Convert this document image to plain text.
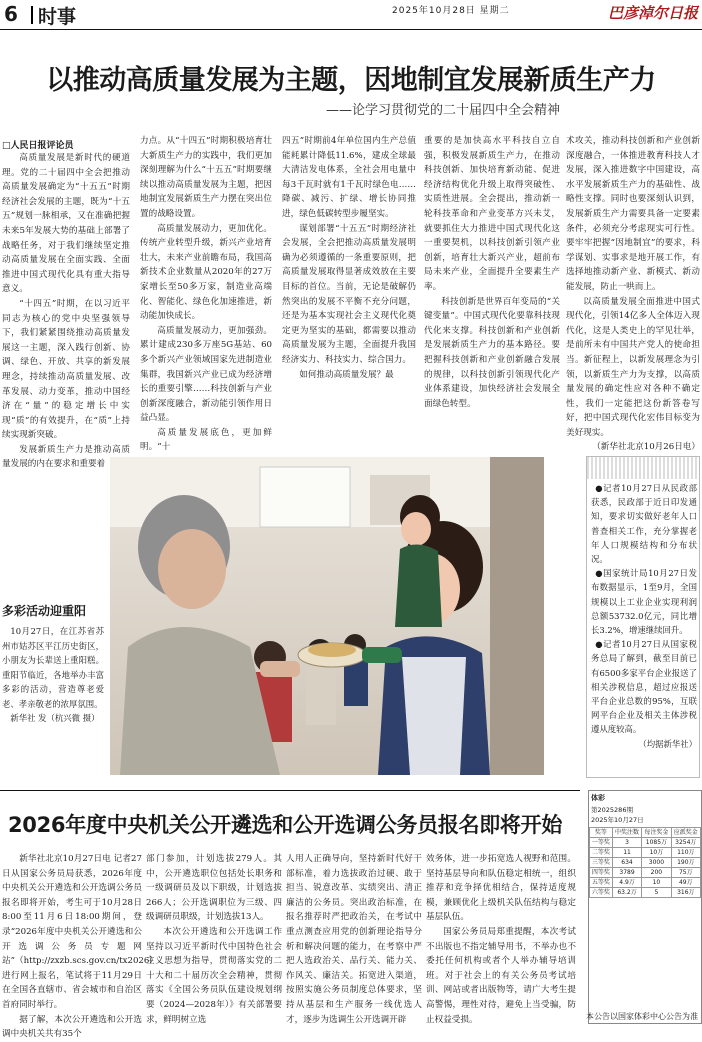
6 时事	2025年10月28日 星期二	巴彦淖尔日报
以推动高质量发展为主题，因地制宜发展新质生产力
——论学习贯彻党的二十届四中全会精神
□人民日报评论员

高质量发展是新时代的硬道理。党的二十届四中全会把推动高质量发展确定为“十五五”时期经济社会发展的主题，既为“十五五”规划一脉相承，又在准确把握未来5年发展大势的基础上部署了战略任务，对于我们继续坚定推动高质量发展在全面实践、全面推进中国式现代化具有重大指导意义。

“十四五”时期，在以习近平同志为核心的党中央坚强领导下，我们紧紧围绕推动高质量发展这一主题，深入践行创新、协调、绿色、开放、共享的新发展理念，持续推动高质量发展、改革发展、动力变革，推动中国经济在“量”的稳定增长中实现“质”的有效提升，在“质”上持续实现新突破。

发展新质生产力是推动高质量发展的内在要求和重要着

力点。从“十四五”时期积极培育壮大新质生产力的实践中，我们更加深刻理解为什么“十五五”时期要继续以推动高质量发展为主题，把因地制宜发展新质生产力摆在突出位置的战略设置。

高质量发展动力，更加优化。传统产业转型升级，新兴产业培育壮大，未来产业前瞻布局，我国高新技术企业数量从2020年的27万家增长至50多万家，制造业高端化、智能化、绿色化加速推进，新动能加快成长。

高质量发展动力，更加强劲。累计建成230多万座5G基站、60多个新兴产业领域国家先进制造业集群，我国新兴产业已成为经济增长的重要引擎……科技创新与产业创新深度融合，新动能引领作用日益凸显。

高质量发展底色，更加鲜明。“十

四五”时期前4年单位国内生产总值能耗累计降低11.6%，建成全球最大清洁发电体系，全社会用电量中每3千瓦时就有1千瓦时绿色电……降碳、减污、扩绿、增长协同推进，绿色低碳转型步履坚实。

谋划部署“十五五”时期经济社会发展，全会把推动高质量发展明确为必须遵循的一条重要原则，把高质量发展取得显著成效放在主要目标的首位。当前，无论是破解仍然突出的发展不平衡不充分问题，还是为基本实现社会主义现代化奠定更为坚实的基础，都需要以推动高质量发展为主题，全面提升我国经济实力、科技实力、综合国力。

如何推动高质量发展？最

重要的是加快高水平科技自立自强，积极发展新质生产力，在推动科技创新、加快培育新动能、促进经济结构优化升级上取得突破性、实质性进展。全会提出，推动新一轮科技革命和产业变革方兴未艾，就要抓住大力推进中国式现代化这一重要契机，以科技创新引领产业创新，培育壮大新兴产业，超前布局未来产业，全面提升全要素生产率。

科技创新是世界百年变局的“关键变量”。中国式现代化要靠科技现代化来支撑。科技创新和产业创新是发展新质生产力的基本路径。要把握科技创新和产业创新融合发展的规律，以科技创新引领现代化产业体系建设，加快经济社会发展全面绿色转型。

术攻关，推动科技创新和产业创新深度融合，一体推进教育科技人才发展，深入推进数字中国建设，高水平发展新质生产力的基础性、战略性支撑。同时也要深刻认识到，发展新质生产力需要具备一定要素条件，必须充分考虑现实可行性。要牢牢把握“因地制宜”的要求，科学谋划、实事求是地开展工作，有选择地推动新产业、新模式、新动能发展，防止一哄而上。

以高质量发展全面推进中国式现代化，引领14亿多人全体迈入现代化，这是人类史上的罕见壮举，是前所未有中国共产党人的使命担当。新征程上，以新发展理念为引领，以新质生产力为支撑，以高质量发展的确定性应对各种不确定性，我们一定能把这份新答卷写好，把中国式现代化宏伟目标变为美好现实。

（新华社北京10月26日电）

多彩活动迎重阳

10月27日，在江苏省苏州市姑苏区平江历史街区，小朋友为长辈送上重阳糕。重阳节临近，各地举办丰富多彩的活动，营造尊老爱老、孝亲敬老的浓厚氛围。

新华社 发（杭兴微 摄）

●记者10月27日从民政部获悉，民政部于近日印发通知，要求切实做好老年人口普查相关工作，充分掌握老年人口规模结构和分布状况。

●国家统计局10月27日发布数据显示，1至9月，全国规模以上工业企业实现利润总额53732.0亿元，同比增长3.2%，增速继续回升。

●记者10月27日从国家税务总局了解到，截至目前已有6500多家平台企业报送了相关涉税信息，超过应报送平台企业总数的95%，互联网平台企业及相关主体涉税遵从度较高。

（均据新华社）

2026年度中央机关公开遴选和公开选调公务员报名即将开始

新华社北京10月27日电 记者27日从国家公务员局获悉，2026年度中央机关公开遴选和公开选调公务员报名即将开始，考生可于10月28日8:00至11月6日18:00期间，登录“2026年度中央机关公开遴选和公开选调公务员专题网站”（http://zxzb.scs.gov.cn/tx2026）进行网上报名，笔试将于11月29日在全国各直辖市、省会城市和自治区首府同时举行。

据了解，本次公开遴选和公开选调中央机关共有35个

部门参加，计划选拔279人。其中，公开遴选职位包括处长职务和一级调研员及以下职级，计划选拔266人；公开选调职位为三级、四级调研员职级，计划选拔13人。

本次公开遴选和公开选调工作坚持以习近平新时代中国特色社会主义思想为指导，贯彻落实党的二十大和二十届历次全会精神，贯彻落实《全国公务员队伍建设规划纲要（2024—2028年）》有关部署要求，鲜明树立选

人用人正确导向，坚持新时代好干部标准，着力选拔政治过硬、敢于担当、锐意改革、实绩突出、清正廉洁的公务员。突出政治标准，在报名推荐时严把政治关，在考试中重点测查应用党的创新理论指导分析和解决问题的能力，在考察中严把人选政治关、品行关、能力关、作风关、廉洁关。拓宽进入渠道，按照实施公务员制度总体要求，坚持从基层和生产服务一线优选人才，逐步为选调生公开选调开辟

效务体，进一步拓宽选人视野和范围。坚持基层导向和队伍稳定相统一，组织推荐和竞争择优相结合，保持适度规模，兼顾优化上级机关队伍结构与稳定基层队伍。

国家公务员局郑重提醒，本次考试不出版也不指定辅导用书，不举办也不委托任何机构或者个人举办辅导培训班。对于社会上的有关公务员考试培训、网站或者出版物等，请广大考生提高警惕，理性对待，避免上当受骗，防止权益受损。

体彩
第2025286期
2025年10月27日
奖等	中奖注数	每注奖金	应派奖金
一等奖	3	1085万	3254万
二等奖	11	10万	110万
三等奖	634	3000	190万
四等奖	3789	200	75万
五等奖	4.9万	10	49万
六等奖	63.2万	5	316万
本公告以国家体彩中心公告为准
